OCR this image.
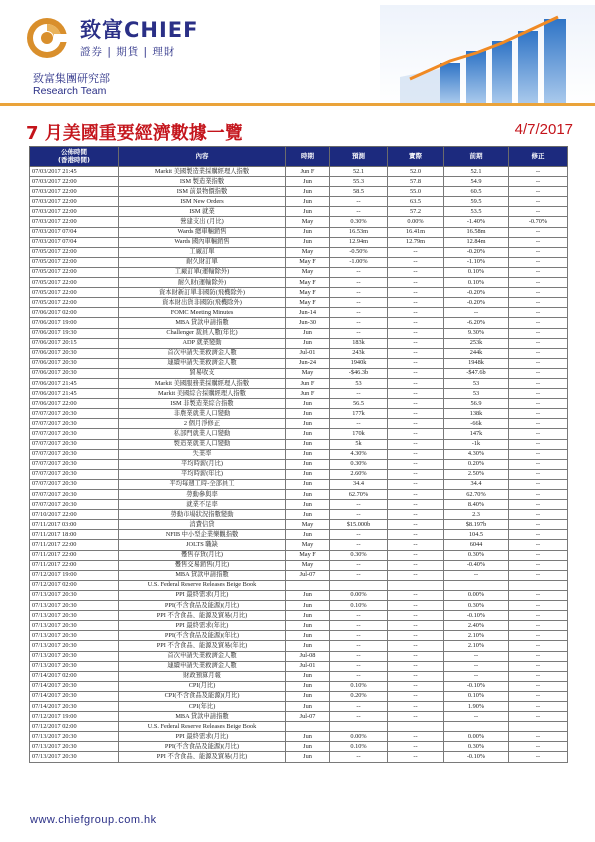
致富CHIEF
證券 | 期貨 | 理財
致富集團研究部
Research Team
7 月美國重要經濟數據一覽	4/7/2017
公佈時間
(香港時間)	內容	時期	預測	實際	前期	修正
07/03/2017 21:45	Markit 美國製造業採購經理人指數	Jun F	52.1	52.0	52.1	--
07/03/2017 22:00	ISM 製造業指數	Jun	55.3	57.8	54.9	--
07/03/2017 22:00	ISM 前景物價指數	Jun	58.5	55.0	60.5	--
07/03/2017 22:00	ISM New Orders	Jun	--	63.5	59.5	--
07/03/2017 22:00	ISM 就業	Jun	--	57.2	53.5	--
07/03/2017 22:00	營建支出 (月比)	May	0.30%	0.00%	-1.40%	-0.70%
07/03/2017 07/04	Wards 總車輛銷售	Jun	16.53m	16.41m	16.58m	--
07/03/2017 07/04	Wards 國內車輛銷售	Jun	12.94m	12.79m	12.84m	--
07/05/2017 22:00	工廠訂單	May	-0.50%	--	-0.20%	--
07/05/2017 22:00	耐久財訂單	May F	-1.00%	--	-1.10%	--
07/05/2017 22:00	工廠訂單(運輸除外)	May	--	--	0.10%	--
07/05/2017 22:00	耐久財(運輸除外)	May F	--	--	0.10%	--
07/05/2017 22:00	資本財新訂單非國防(飛機除外)	May F	--	--	-0.20%	--
07/05/2017 22:00	資本財出貨非國防(飛機除外)	May F	--	--	-0.20%	--
07/06/2017 02:00	FOMC Meeting Minutes	Jun-14	--	--	--	--
07/06/2017 19:00	MBA 貸款申請指數	Jun-30	--	--	-6.20%	--
07/06/2017 19:30	Challenger 裁員人數(年比)	Jun	--	--	9.30%	--
07/06/2017 20:15	ADP 就業變動	Jun	183k	--	253k	--
07/06/2017 20:30	首次申請失業救濟金人數	Jul-01	243k	--	244k	--
07/06/2017 20:30	連續申請失業救濟金人數	Jun-24	1940k	--	1948k	--
07/06/2017 20:30	貿易收支	May	-$46.3b	--	-$47.6b	--
07/06/2017 21:45	Markit 美國服務業採購經理人指數	Jun F	53	--	53	--
07/06/2017 21:45	Markit 美國綜合採購經理人指數	Jun F	--	--	53	--
07/06/2017 22:00	ISM 非製造業綜合指數	Jun	56.5	--	56.9	--
07/07/2017 20:30	非農業就業人口變動	Jun	177k	--	138k	--
07/07/2017 20:30	2 個月淨修正	Jun	--	--	-66k	--
07/07/2017 20:30	私部門就業人口變動	Jun	170k	--	147k	--
07/07/2017 20:30	製造業就業人口變動	Jun	5k	--	-1k	--
07/07/2017 20:30	失業率	Jun	4.30%	--	4.30%	--
07/07/2017 20:30	平均時薪(月比)	Jun	0.30%	--	0.20%	--
07/07/2017 20:30	平均時薪(年比)	Jun	2.60%	--	2.50%	--
07/07/2017 20:30	平均每週工時-全部員工	Jun	34.4	--	34.4	--
07/07/2017 20:30	勞動參與率	Jun	62.70%	--	62.70%	--
07/07/2017 20:30	就業不足率	Jun	--	--	8.40%	--
07/10/2017 22:00	勞動市場狀況指數變動	Jun	--	--	2.3	--
07/11/2017 03:00	消費信貸	May	$15.000b	--	$8.197b	--
07/11/2017 18:00	NFIB 中小型企業樂觀指數	Jun	--	--	104.5	--
07/11/2017 22:00	JOLTS 職缺	May	--	--	6044	--
07/11/2017 22:00	躉售存貨(月比)	May F	0.30%	--	0.30%	--
07/11/2017 22:00	躉售交易銷售(月比)	May	--	--	-0.40%	--
07/12/2017 19:00	MBA 貸款申請指數	Jul-07	--	--	--	--
07/12/2017 02:00	U.S. Federal Reserve Releases Beige Book					
07/13/2017 20:30	PPI 最終需求(月比)	Jun	0.00%	--	0.00%	--
07/13/2017 20:30	PPI(不含食品及能源)(月比)	Jun	0.10%	--	0.30%	--
07/13/2017 20:30	PPI 不含食品、能源及貿易(月比)	Jun	--	--	-0.10%	--
07/13/2017 20:30	PPI 最終需求(年比)	Jun	--	--	2.40%	--
07/13/2017 20:30	PPI(不含食品及能源)(年比)	Jun	--	--	2.10%	--
07/13/2017 20:30	PPI 不含食品、能源及貿易(年比)	Jun	--	--	2.10%	--
07/13/2017 20:30	首次申請失業救濟金人數	Jul-08	--	--	--	--
07/13/2017 20:30	連續申請失業救濟金人數	Jul-01	--	--	--	--
07/14/2017 02:00	財政預算月報	Jun	--	--	--	--
07/14/2017 20:30	CPI(月比)	Jun	0.10%	--	-0.10%	--
07/14/2017 20:30	CPI(不含食品及能源)(月比)	Jun	0.20%	--	0.10%	--
07/14/2017 20:30	CPI(年比)	Jun	--	--	1.90%	--
07/12/2017 19:00	MBA 貸款申請指數	Jul-07	--	--	--	--
07/12/2017 02:00	U.S. Federal Reserve Releases Beige Book					
07/13/2017 20:30	PPI 最終需求(月比)	Jun	0.00%	--	0.00%	--
07/13/2017 20:30	PPI(不含食品及能源)(月比)	Jun	0.10%	--	0.30%	--
07/13/2017 20:30	PPI 不含食品、能源及貿易(月比)	Jun	--	--	-0.10%	--
www.chiefgroup.com.hk
